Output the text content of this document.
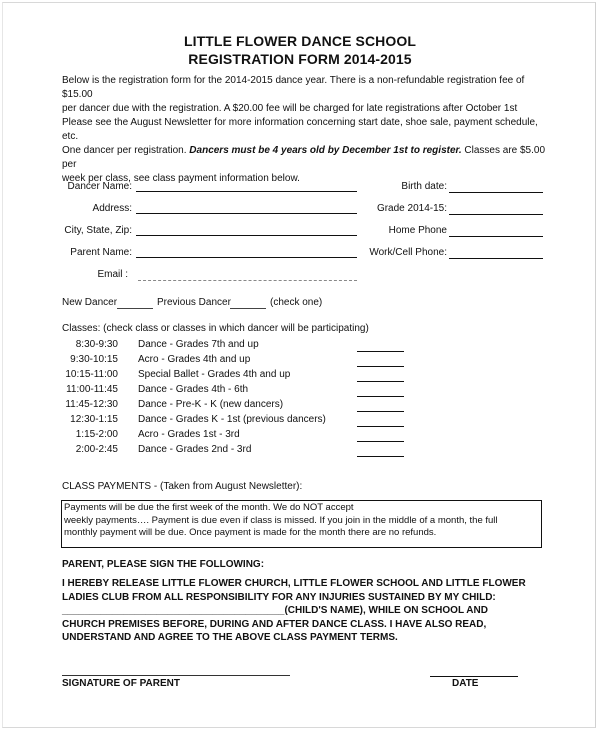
LITTLE FLOWER DANCE SCHOOL
REGISTRATION FORM 2014-2015
Below is the registration form for the 2014-2015 dance year. There is a non-refundable registration fee of $15.00
per dancer due with the registration. A $20.00 fee will be charged for late registrations after October 1st
Please see the August Newsletter for more information concerning start date, shoe sale, payment schedule, etc.
One dancer per registration. Dancers must be 4 years old by December 1st to register. Classes are $5.00 per
week per class, see class payment information below.
Dancer Name:
Address:
City, State, Zip:
Parent Name:
Email :
Birth date:
Grade 2014-15:
Home Phone
Work/Cell Phone:
New Dancer	Previous Dancer	(check one)
Classes: (check class or classes in which dancer will be participating)
8:30-9:30 Dance - Grades 7th and up
9:30-10:15 Acro - Grades 4th and up
10:15-11:00 Special Ballet - Grades 4th and up
11:00-11:45 Dance - Grades 4th - 6th
11:45-12:30 Dance - Pre-K - K (new dancers)
12:30-1:15 Dance - Grades K - 1st (previous dancers)
1:15-2:00 Acro - Grades 1st - 3rd
2:00-2:45 Dance - Grades 2nd - 3rd
CLASS PAYMENTS - (Taken from August Newsletter):
Payments will be due the first week of the month. We do NOT accept
weekly payments…. Payment is due even if class is missed. If you join in the middle of a month, the full
monthly payment will be due. Once payment is made for the month there are no refunds.
PARENT, PLEASE SIGN THE FOLLOWING:
I HEREBY RELEASE LITTLE FLOWER CHURCH, LITTLE FLOWER SCHOOL AND LITTLE FLOWER
LADIES CLUB FROM ALL RESPONSIBILITY FOR ANY INJURIES SUSTAINED BY MY CHILD:
________________________________________(CHILD'S NAME), WHILE ON SCHOOL AND
CHURCH PREMISES BEFORE, DURING AND AFTER DANCE CLASS. I HAVE ALSO READ,
UNDERSTAND AND AGREE TO THE ABOVE CLASS PAYMENT TERMS.
SIGNATURE OF PARENT	DATE
